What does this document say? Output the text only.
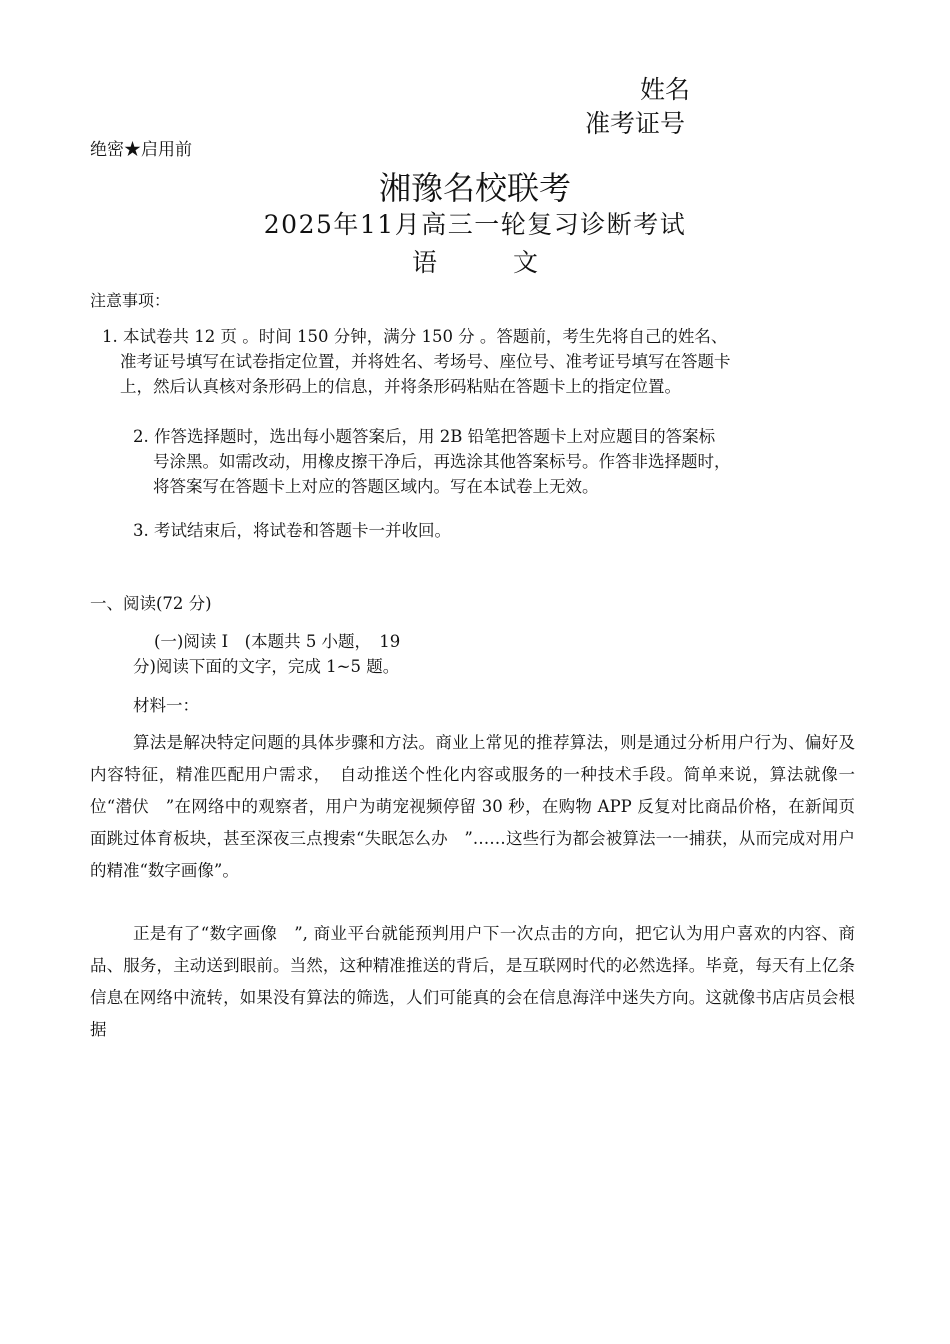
姓名
准考证号
绝密★启用前
湘豫名校联考
2025年11月高三一轮复习诊断考试
语	文
注意事项：
1. 本试卷共 12 页 。时间 150 分钟，满分 150 分 。答题前，考生先将自己的姓名、
准考证号填写在试卷指定位置，并将姓名、考场号、座位号、准考证号填写在答题卡
上，然后认真核对条形码上的信息，并将条形码粘贴在答题卡上的指定位置。
2. 作答选择题时，选出每小题答案后，用 2B 铅笔把答题卡上对应题目的答案标
号涂黑。如需改动，用橡皮擦干净后，再选涂其他答案标号。作答非选择题时，
将答案写在答题卡上对应的答题区域内。写在本试卷上无效。
3. 考试结束后，将试卷和答题卡一并收回。
一、阅读(72 分)
(一)阅读 I　(本题共 5 小题，　19
分)阅读下面的文字，完成 1~5 题。
材料一：
算法是解决特定问题的具体步骤和方法。商业上常见的推荐算法，则是通过分析用户行为、偏好及内容特征，精准匹配用户需求，　自动推送个性化内容或服务的一种技术手段。简单来说，算法就像一位“潜伏　”在网络中的观察者，用户为萌宠视频停留 30 秒，在购物 APP 反复对比商品价格，在新闻页面跳过体育板块，甚至深夜三点搜索“失眠怎么办　”……这些行为都会被算法一一捕获，从而完成对用户的精准“数字画像”。
正是有了“数字画像　”, 商业平台就能预判用户下一次点击的方向，把它认为用户喜欢的内容、商品、服务，主动送到眼前。当然，这种精准推送的背后，是互联网时代的必然选择。毕竟，每天有上亿条信息在网络中流转，如果没有算法的筛选，人们可能真的会在信息海洋中迷失方向。这就像书店店员会根据
